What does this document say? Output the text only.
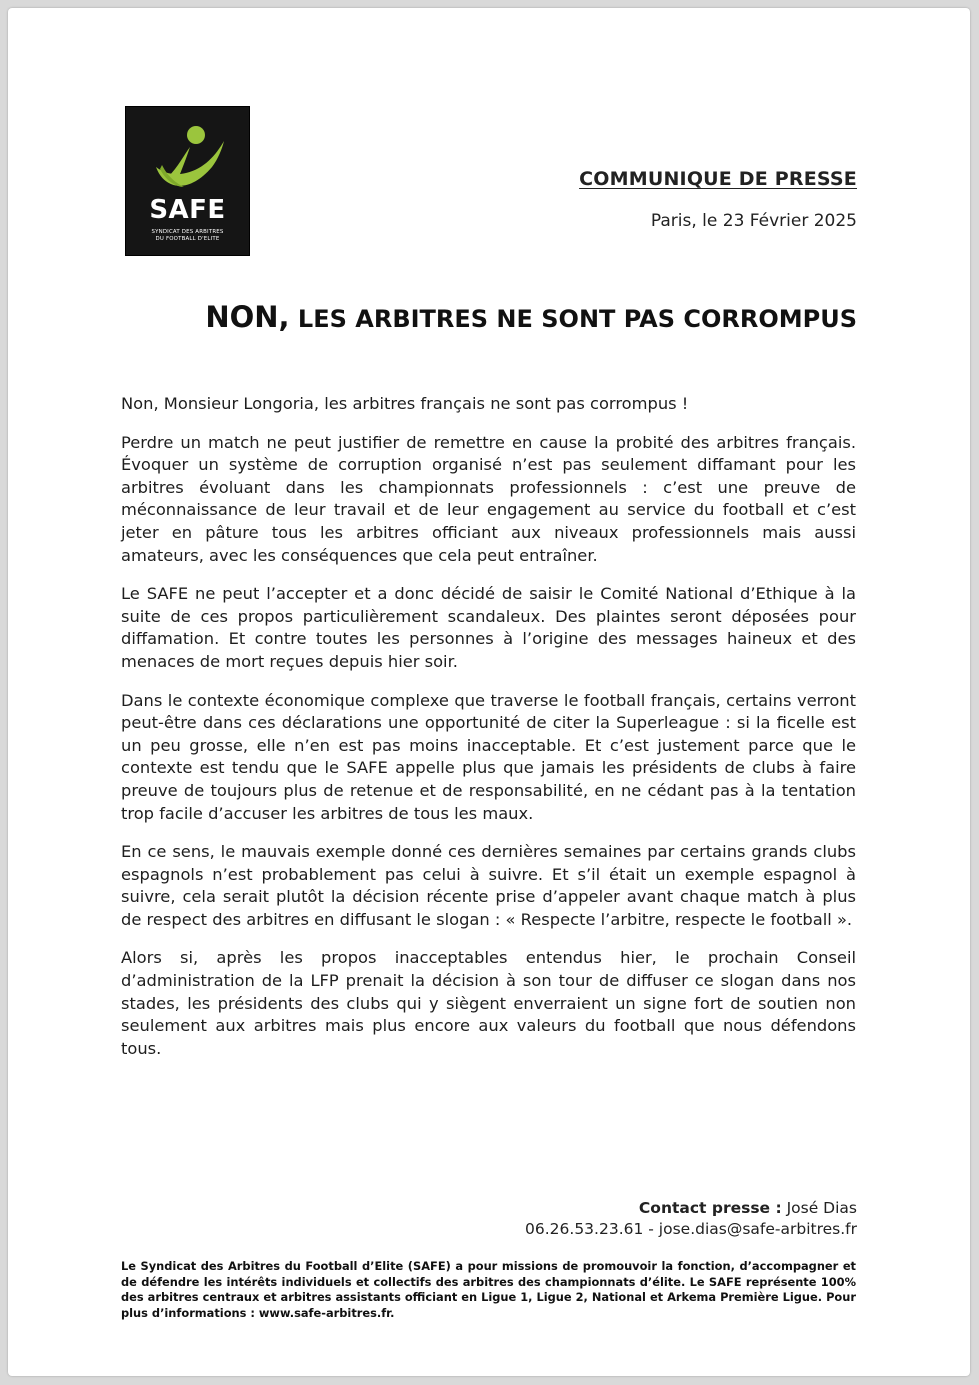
SAFE
SYNDICAT DES ARBITRES
DU FOOTBALL D'ELITE
COMMUNIQUE DE PRESSE
Paris, le 23 Février 2025
NON, LES ARBITRES NE SONT PAS CORROMPUS

Non, Monsieur Longoria, les arbitres français ne sont pas corrompus !

Perdre un match ne peut justifier de remettre en cause la probité des arbitres français. Évoquer un système de corruption organisé n’est pas seulement diffamant pour les arbitres évoluant dans les championnats professionnels : c’est une preuve de méconnaissance de leur travail et de leur engagement au service du football et c’est jeter en pâture tous les arbitres officiant aux niveaux professionnels mais aussi amateurs, avec les conséquences que cela peut entraîner.

Le SAFE ne peut l’accepter et a donc décidé de saisir le Comité National d’Ethique à la suite de ces propos particulièrement scandaleux. Des plaintes seront déposées pour diffamation. Et contre toutes les personnes à l’origine des messages haineux et des menaces de mort reçues depuis hier soir.

Dans le contexte économique complexe que traverse le football français, certains verront peut-être dans ces déclarations une opportunité de citer la Superleague : si la ficelle est un peu grosse, elle n’en est pas moins inacceptable. Et c’est justement parce que le contexte est tendu que le SAFE appelle plus que jamais les présidents de clubs à faire preuve de toujours plus de retenue et de responsabilité, en ne cédant pas à la tentation trop facile d’accuser les arbitres de tous les maux.

En ce sens, le mauvais exemple donné ces dernières semaines par certains grands clubs espagnols n’est probablement pas celui à suivre. Et s’il était un exemple espagnol à suivre, cela serait plutôt la décision récente prise d’appeler avant chaque match à plus de respect des arbitres en diffusant le slogan : « Respecte l’arbitre, respecte le football ».

Alors si, après les propos inacceptables entendus hier, le prochain Conseil d’administration de la LFP prenait la décision à son tour de diffuser ce slogan dans nos stades, les présidents des clubs qui y siègent enverraient un signe fort de soutien non seulement aux arbitres mais plus encore aux valeurs du football que nous défendons tous.

Contact presse : José Dias
06.26.53.23.61 - jose.dias@safe-arbitres.fr
Le Syndicat des Arbitres du Football d’Elite (SAFE) a pour missions de promouvoir la fonction, d’accompagner et de défendre les intérêts individuels et collectifs des arbitres des championnats d’élite. Le SAFE représente 100% des arbitres centraux et arbitres assistants officiant en Ligue 1, Ligue 2, National et Arkema Première Ligue. Pour plus d’informations : www.safe-arbitres.fr.
